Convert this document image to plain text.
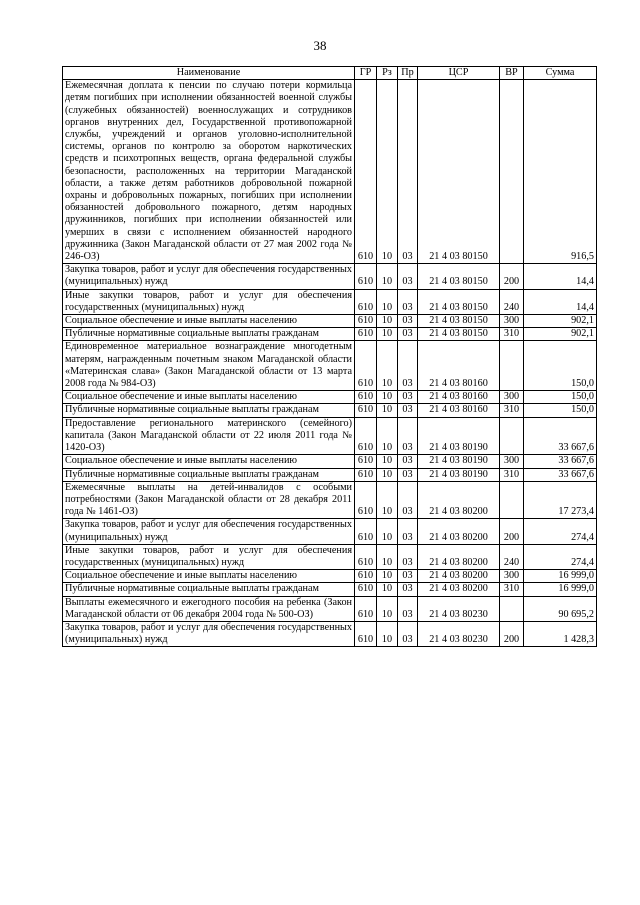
38
Наименование	ГР	Рз	Пр	ЦСР	ВР	Сумма
Ежемесячная доплата к пенсии по случаю потери кормильца детям погибших при исполнении обязанностей военной службы (служебных обязанностей) военнослужащих и сотрудников органов внутренних дел, Государственной противопожарной службы, учреждений и органов уголовно-исполнительной системы, органов по контролю за оборотом наркотических средств и психотропных веществ, органа федеральной службы безопасности, расположенных на территории Магаданской области, а также детям работников добровольной пожарной охраны и добровольных пожарных, погибших при исполнении обязанностей добровольного пожарного, детям народных дружинников, погибших при исполнении обязанностей или умерших в связи с исполнением обязанностей народного дружинника (Закон Магаданской области от 27 мая 2002 года № 246-ОЗ)	610	10	03	21 4 03 80150		916,5
Закупка товаров, работ и услуг для обеспечения государственных (муниципальных) нужд	610	10	03	21 4 03 80150	200	14,4
Иные закупки товаров, работ и услуг для обеспечения государственных (муниципальных) нужд	610	10	03	21 4 03 80150	240	14,4
Социальное обеспечение и иные выплаты населению	610	10	03	21 4 03 80150	300	902,1
Публичные нормативные социальные выплаты гражданам	610	10	03	21 4 03 80150	310	902,1
Единовременное материальное вознаграждение многодетным матерям, награжденным почетным знаком Магаданской области «Материнская слава» (Закон Магаданской области от 13 марта 2008 года № 984-ОЗ)	610	10	03	21 4 03 80160		150,0
Социальное обеспечение и иные выплаты населению	610	10	03	21 4 03 80160	300	150,0
Публичные нормативные социальные выплаты гражданам	610	10	03	21 4 03 80160	310	150,0
Предоставление регионального материнского (семейного) капитала (Закон Магаданской области от 22 июля 2011 года № 1420-ОЗ)	610	10	03	21 4 03 80190		33 667,6
Социальное обеспечение и иные выплаты населению	610	10	03	21 4 03 80190	300	33 667,6
Публичные нормативные социальные выплаты гражданам	610	10	03	21 4 03 80190	310	33 667,6
Ежемесячные выплаты на детей-инвалидов с особыми потребностями (Закон Магаданской области от 28 декабря 2011 года № 1461-ОЗ)	610	10	03	21 4 03 80200		17 273,4
Закупка товаров, работ и услуг для обеспечения государственных (муниципальных) нужд	610	10	03	21 4 03 80200	200	274,4
Иные закупки товаров, работ и услуг для обеспечения государственных (муниципальных) нужд	610	10	03	21 4 03 80200	240	274,4
Социальное обеспечение и иные выплаты населению	610	10	03	21 4 03 80200	300	16 999,0
Публичные нормативные социальные выплаты гражданам	610	10	03	21 4 03 80200	310	16 999,0
Выплаты ежемесячного и ежегодного пособия на ребенка (Закон Магаданской области от 06 декабря 2004 года № 500-ОЗ)	610	10	03	21 4 03 80230		90 695,2
Закупка товаров, работ и услуг для обеспечения государственных (муниципальных) нужд	610	10	03	21 4 03 80230	200	1 428,3
